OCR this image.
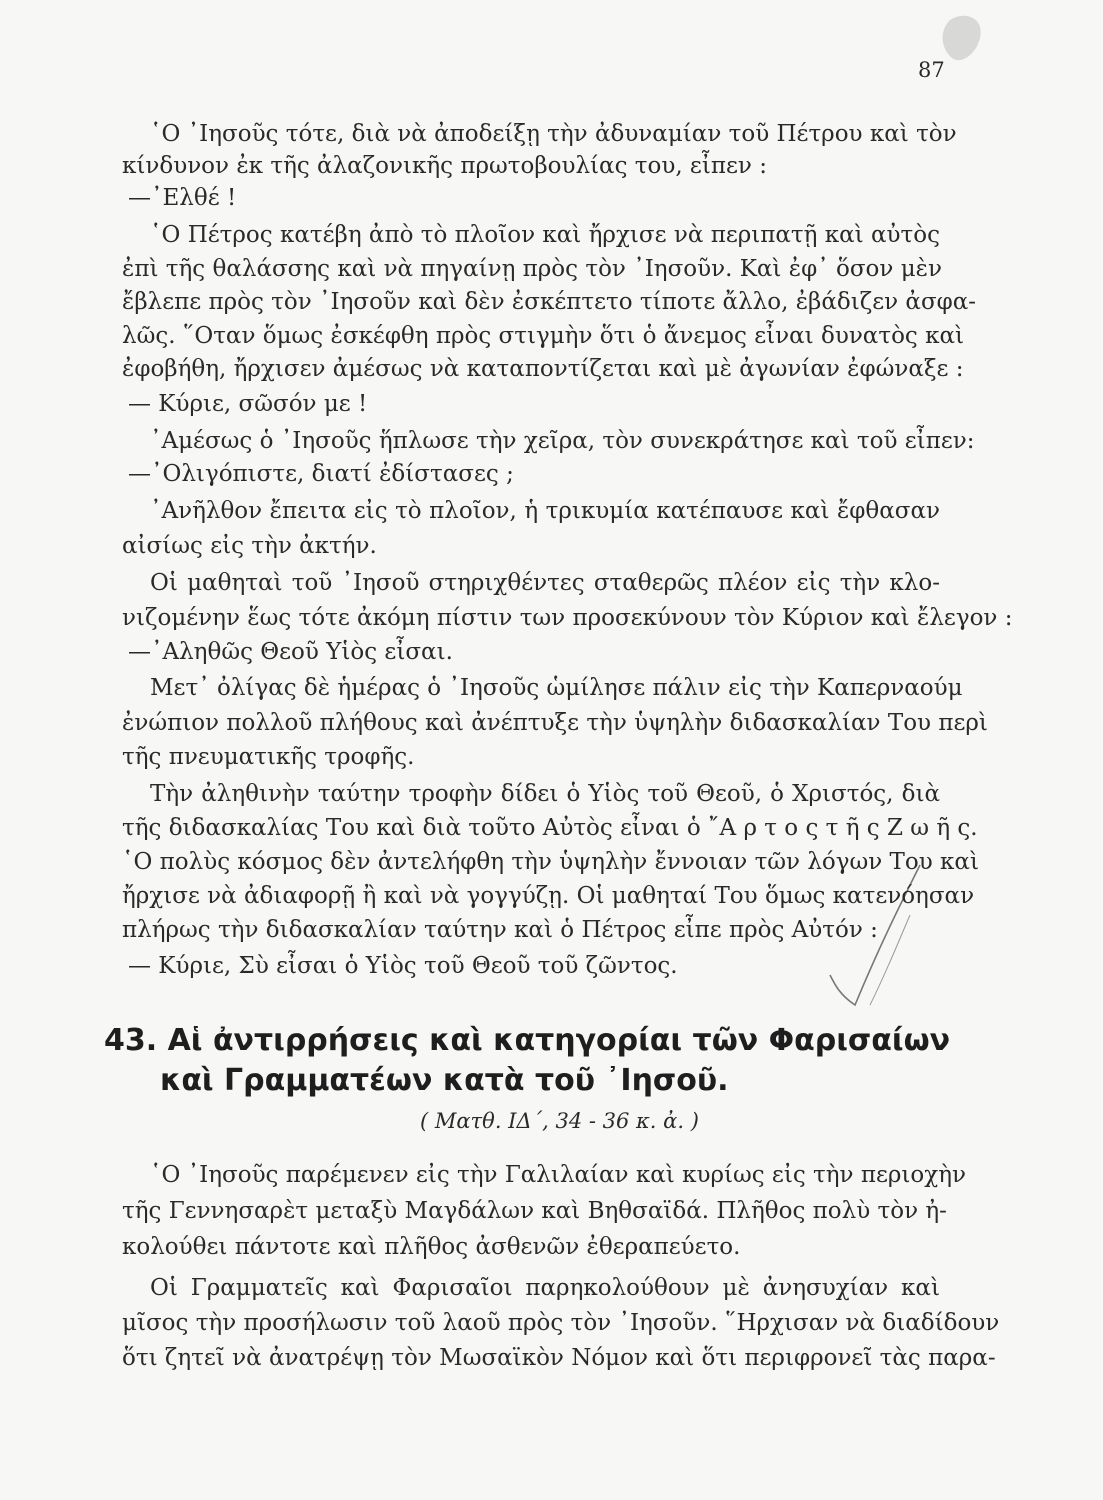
87
῾Ο ᾿Ιησοῦς τότε, διὰ νὰ ἀποδείξῃ τὴν ἀδυναμίαν τοῦ Πέτρου καὶ τὸν
κίνδυνον ἐκ τῆς ἀλαζονικῆς πρωτοβουλίας του, εἶπεν :
—᾿Ελθέ !
῾Ο Πέτρος κατέβη ἀπὸ τὸ πλοῖον καὶ ἤρχισε νὰ περιπατῇ καὶ αὐτὸς
ἐπὶ τῆς θαλάσσης καὶ νὰ πηγαίνῃ πρὸς τὸν ᾿Ιησοῦν. Καὶ ἐφ᾿ ὅσον μὲν
ἔβλεπε πρὸς τὸν ᾿Ιησοῦν καὶ δὲν ἐσκέπτετο τίποτε ἄλλο, ἐβάδιζεν ἀσφα-
λῶς. ῞Οταν ὅμως ἐσκέφθη πρὸς στιγμὴν ὅτι ὁ ἄνεμος εἶναι δυνατὸς καὶ
ἐφοβήθη, ἤρχισεν ἀμέσως νὰ καταποντίζεται καὶ μὲ ἀγωνίαν ἐφώναξε :
— Κύριε, σῶσόν με !
᾿Αμέσως ὁ ᾿Ιησοῦς ἥπλωσε τὴν χεῖρα, τὸν συνεκράτησε καὶ τοῦ εἶπεν:
—᾿Ολιγόπιστε, διατί ἐδίστασες ;
᾿Ανῆλθον ἔπειτα εἰς τὸ πλοῖον, ἡ τρικυμία κατέπαυσε καὶ ἔφθασαν
αἰσίως εἰς τὴν ἀκτήν.
Οἱ μαθηταὶ τοῦ ᾿Ιησοῦ στηριχθέντες σταθερῶς πλέον εἰς τὴν κλο-
νιζομένην ἕως τότε ἀκόμη πίστιν των προσεκύνουν τὸν Κύριον καὶ ἔλεγον :
—᾿Αληθῶς Θεοῦ Υἱὸς εἶσαι.
Μετ᾿ ὀλίγας δὲ ἡμέρας ὁ ᾿Ιησοῦς ὡμίλησε πάλιν εἰς τὴν Καπερναούμ
ἐνώπιον πολλοῦ πλήθους καὶ ἀνέπτυξε τὴν ὑψηλὴν διδασκαλίαν Του περὶ
τῆς πνευματικῆς τροφῆς.
Τὴν ἀληθινὴν ταύτην τροφὴν δίδει ὁ Υἱὸς τοῦ Θεοῦ, ὁ Χριστός, διὰ
τῆς διδασκαλίας Του καὶ διὰ τοῦτο Αὐτὸς εἶναι ὁ ῎Α ρ τ ο ς τ ῆ ς Ζ ω ῆ ς.
῾Ο πολὺς κόσμος δὲν ἀντελήφθη τὴν ὑψηλὴν ἔννοιαν τῶν λόγων Του καὶ
ἤρχισε νὰ ἀδιαφορῇ ἢ καὶ νὰ γογγύζῃ. Οἱ μαθηταί Του ὅμως κατενόησαν
πλήρως τὴν διδασκαλίαν ταύτην καὶ ὁ Πέτρος εἶπε πρὸς Αὐτόν :
— Κύριε, Σὺ εἶσαι ὁ Υἱὸς τοῦ Θεοῦ τοῦ ζῶντος.
43. Αἱ ἀντιρρήσεις καὶ κατηγορίαι τῶν Φαρισαίων
καὶ Γραμματέων κατὰ τοῦ ᾿Ιησοῦ.
( Ματθ. ΙΔ΄, 34 - 36 κ. ἀ. )
῾Ο ᾿Ιησοῦς παρέμενεν εἰς τὴν Γαλιλαίαν καὶ κυρίως εἰς τὴν περιοχὴν
τῆς Γεννησαρὲτ μεταξὺ Μαγδάλων καὶ Βηθσαϊδά. Πλῆθος πολὺ τὸν ἠ-
κολούθει πάντοτε καὶ πλῆθος ἀσθενῶν ἐθεραπεύετο.
Οἱ Γραμματεῖς καὶ Φαρισαῖοι παρηκολούθουν μὲ ἀνησυχίαν καὶ
μῖσος τὴν προσήλωσιν τοῦ λαοῦ πρὸς τὸν ᾿Ιησοῦν. ῞Ηρχισαν νὰ διαδίδουν
ὅτι ζητεῖ νὰ ἀνατρέψῃ τὸν Μωσαϊκὸν Νόμον καὶ ὅτι περιφρονεῖ τὰς παρα-
